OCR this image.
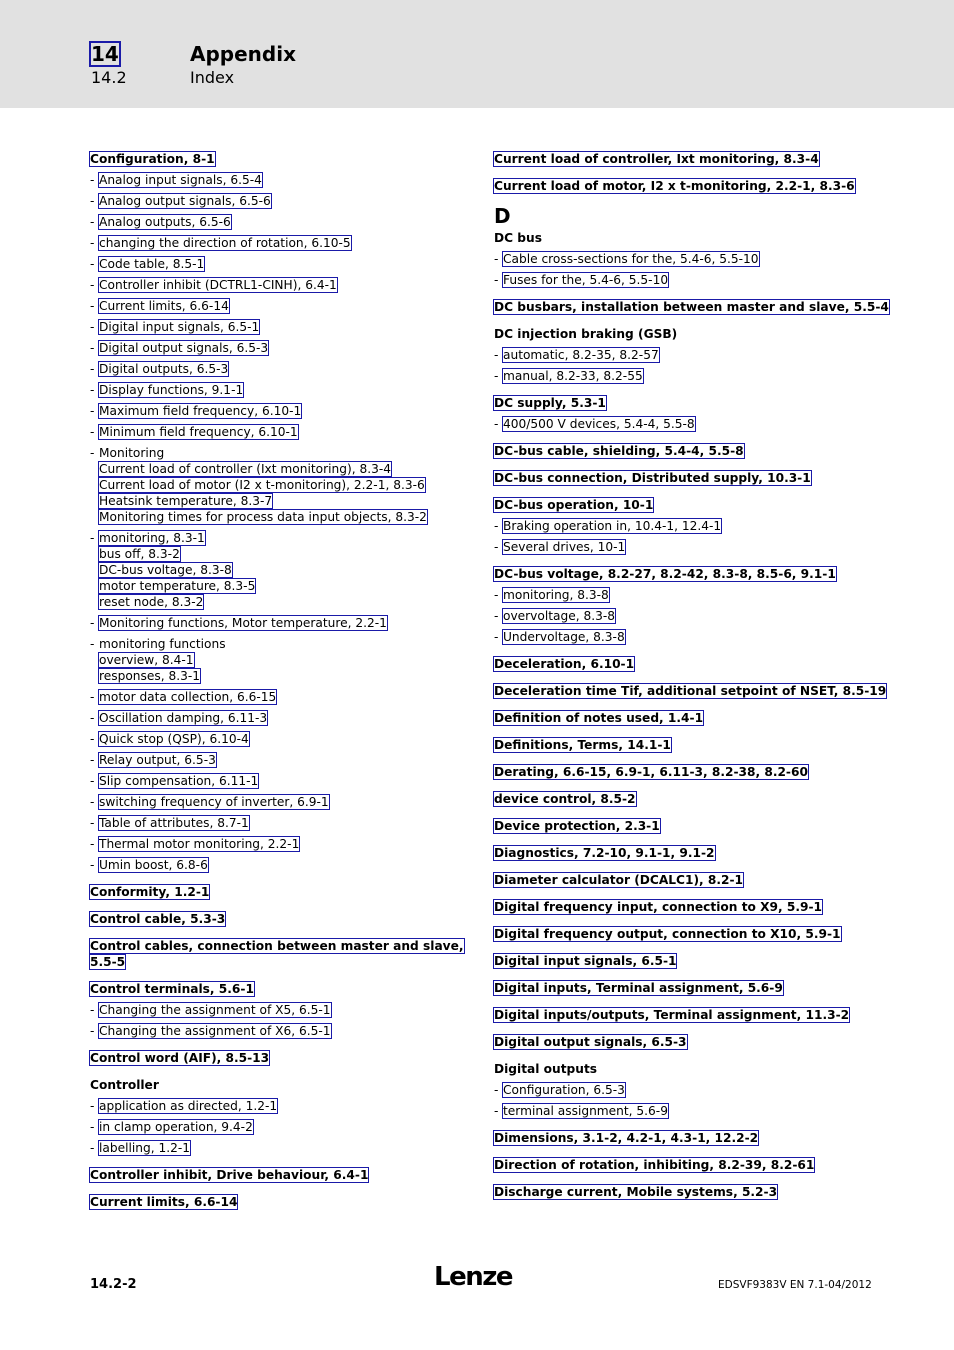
14	Appendix
14.2	Index
Configuration, 8-1
- Analog input signals, 6.5-4
- Analog output signals, 6.5-6
- Analog outputs, 6.5-6
- changing the direction of rotation, 6.10-5
- Code table, 8.5-1
- Controller inhibit (DCTRL1-CINH), 6.4-1
- Current limits, 6.6-14
- Digital input signals, 6.5-1
- Digital output signals, 6.5-3
- Digital outputs, 6.5-3
- Display functions, 9.1-1
- Maximum field frequency, 6.10-1
- Minimum field frequency, 6.10-1
- Monitoring
Current load of controller (Ixt monitoring), 8.3-4
Current load of motor (I2 x t-monitoring), 2.2-1, 8.3-6
Heatsink temperature, 8.3-7
Monitoring times for process data input objects, 8.3-2
- monitoring, 8.3-1
bus off, 8.3-2
DC-bus voltage, 8.3-8
motor temperature, 8.3-5
reset node, 8.3-2
- Monitoring functions, Motor temperature, 2.2-1
- monitoring functions
overview, 8.4-1
responses, 8.3-1
- motor data collection, 6.6-15
- Oscillation damping, 6.11-3
- Quick stop (QSP), 6.10-4
- Relay output, 6.5-3
- Slip compensation, 6.11-1
- switching frequency of inverter, 6.9-1
- Table of attributes, 8.7-1
- Thermal motor monitoring, 2.2-1
- Umin boost, 6.8-6
Conformity, 1.2-1
Control cable, 5.3-3
Control cables, connection between master and slave,
5.5-5
Control terminals, 5.6-1
- Changing the assignment of X5, 6.5-1
- Changing the assignment of X6, 6.5-1
Control word (AIF), 8.5-13
Controller
- application as directed, 1.2-1
- in clamp operation, 9.4-2
- labelling, 1.2-1
Controller inhibit, Drive behaviour, 6.4-1
Current limits, 6.6-14
Current load of controller, Ixt monitoring, 8.3-4
Current load of motor, I2 x t-monitoring, 2.2-1, 8.3-6
D
DC bus
- Cable cross-sections for the, 5.4-6, 5.5-10
- Fuses for the, 5.4-6, 5.5-10
DC busbars, installation between master and slave, 5.5-4
DC injection braking (GSB)
- automatic, 8.2-35, 8.2-57
- manual, 8.2-33, 8.2-55
DC supply, 5.3-1
- 400/500 V devices, 5.4-4, 5.5-8
DC-bus cable, shielding, 5.4-4, 5.5-8
DC-bus connection, Distributed supply, 10.3-1
DC-bus operation, 10-1
- Braking operation in, 10.4-1, 12.4-1
- Several drives, 10-1
DC-bus voltage, 8.2-27, 8.2-42, 8.3-8, 8.5-6, 9.1-1
- monitoring, 8.3-8
- overvoltage, 8.3-8
- Undervoltage, 8.3-8
Deceleration, 6.10-1
Deceleration time Tif, additional setpoint of NSET, 8.5-19
Definition of notes used, 1.4-1
Definitions, Terms, 14.1-1
Derating, 6.6-15, 6.9-1, 6.11-3, 8.2-38, 8.2-60
device control, 8.5-2
Device protection, 2.3-1
Diagnostics, 7.2-10, 9.1-1, 9.1-2
Diameter calculator (DCALC1), 8.2-1
Digital frequency input, connection to X9, 5.9-1
Digital frequency output, connection to X10, 5.9-1
Digital input signals, 6.5-1
Digital inputs, Terminal assignment, 5.6-9
Digital inputs/outputs, Terminal assignment, 11.3-2
Digital output signals, 6.5-3
Digital outputs
- Configuration, 6.5-3
- terminal assignment, 5.6-9
Dimensions, 3.1-2, 4.2-1, 4.3-1, 12.2-2
Direction of rotation, inhibiting, 8.2-39, 8.2-61
Discharge current, Mobile systems, 5.2-3
14.2-2	Lenze	EDSVF9383V EN 7.1-04/2012
